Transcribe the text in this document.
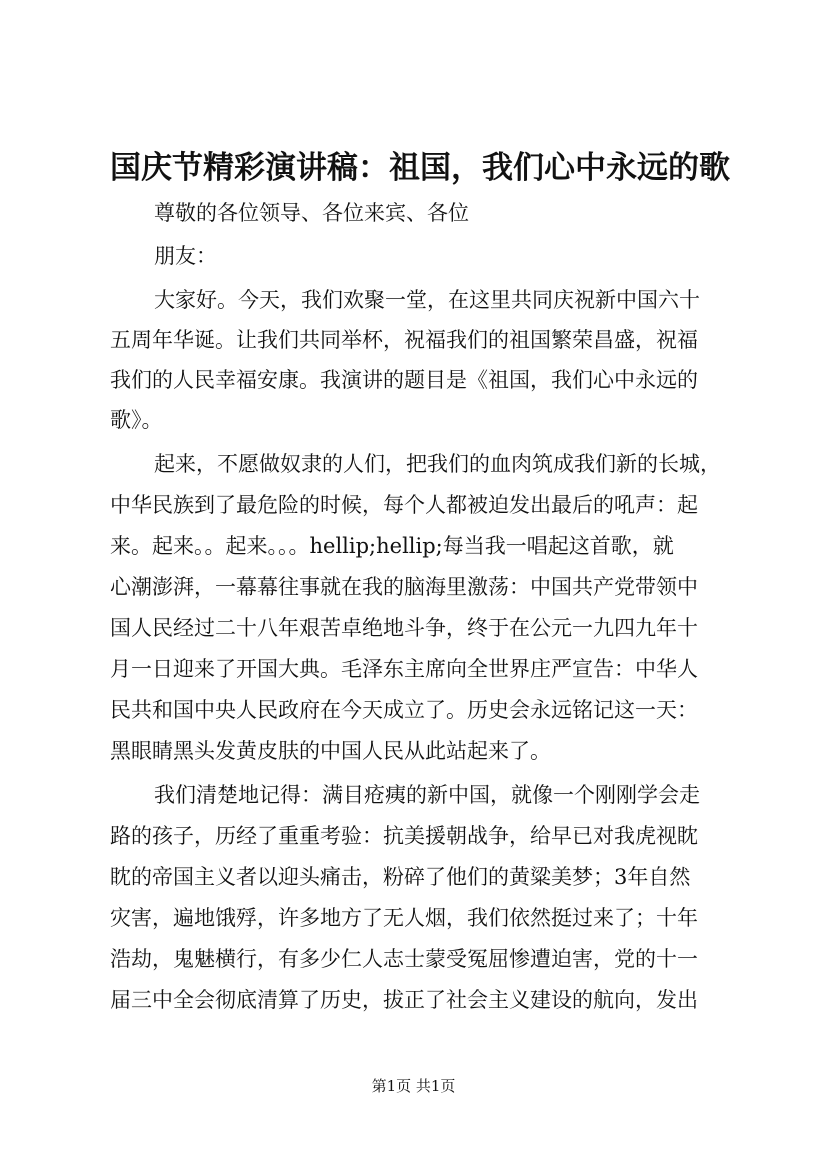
国庆节精彩演讲稿：祖国，我们心中永远的歌
尊敬的各位领导、各位来宾、各位
朋友：
大家好。今天，我们欢聚一堂，在这里共同庆祝新中国六十
五周年华诞。让我们共同举杯，祝福我们的祖国繁荣昌盛，祝福
我们的人民幸福安康。我演讲的题目是《祖国，我们心中永远的
歌》。
起来，不愿做奴隶的人们，把我们的血肉筑成我们新的长城，
中华民族到了最危险的时候，每个人都被迫发出最后的吼声：起
来。起来。。起来。。。hellip;hellip;每当我一唱起这首歌，就
心潮澎湃，一幕幕往事就在我的脑海里激荡：中国共产党带领中
国人民经过二十八年艰苦卓绝地斗争，终于在公元一九四九年十
月一日迎来了开国大典。毛泽东主席向全世界庄严宣告：中华人
民共和国中央人民政府在今天成立了。历史会永远铭记这一天：
黑眼睛黑头发黄皮肤的中国人民从此站起来了。
我们清楚地记得：满目疮痍的新中国，就像一个刚刚学会走
路的孩子，历经了重重考验：抗美援朝战争，给早已对我虎视眈
眈的帝国主义者以迎头痛击，粉碎了他们的黄粱美梦；3年自然
灾害，遍地饿殍，许多地方了无人烟，我们依然挺过来了；十年
浩劫，鬼魅横行，有多少仁人志士蒙受冤屈惨遭迫害，党的十一
届三中全会彻底清算了历史，拔正了社会主义建设的航向，发出
第1页 共1页
